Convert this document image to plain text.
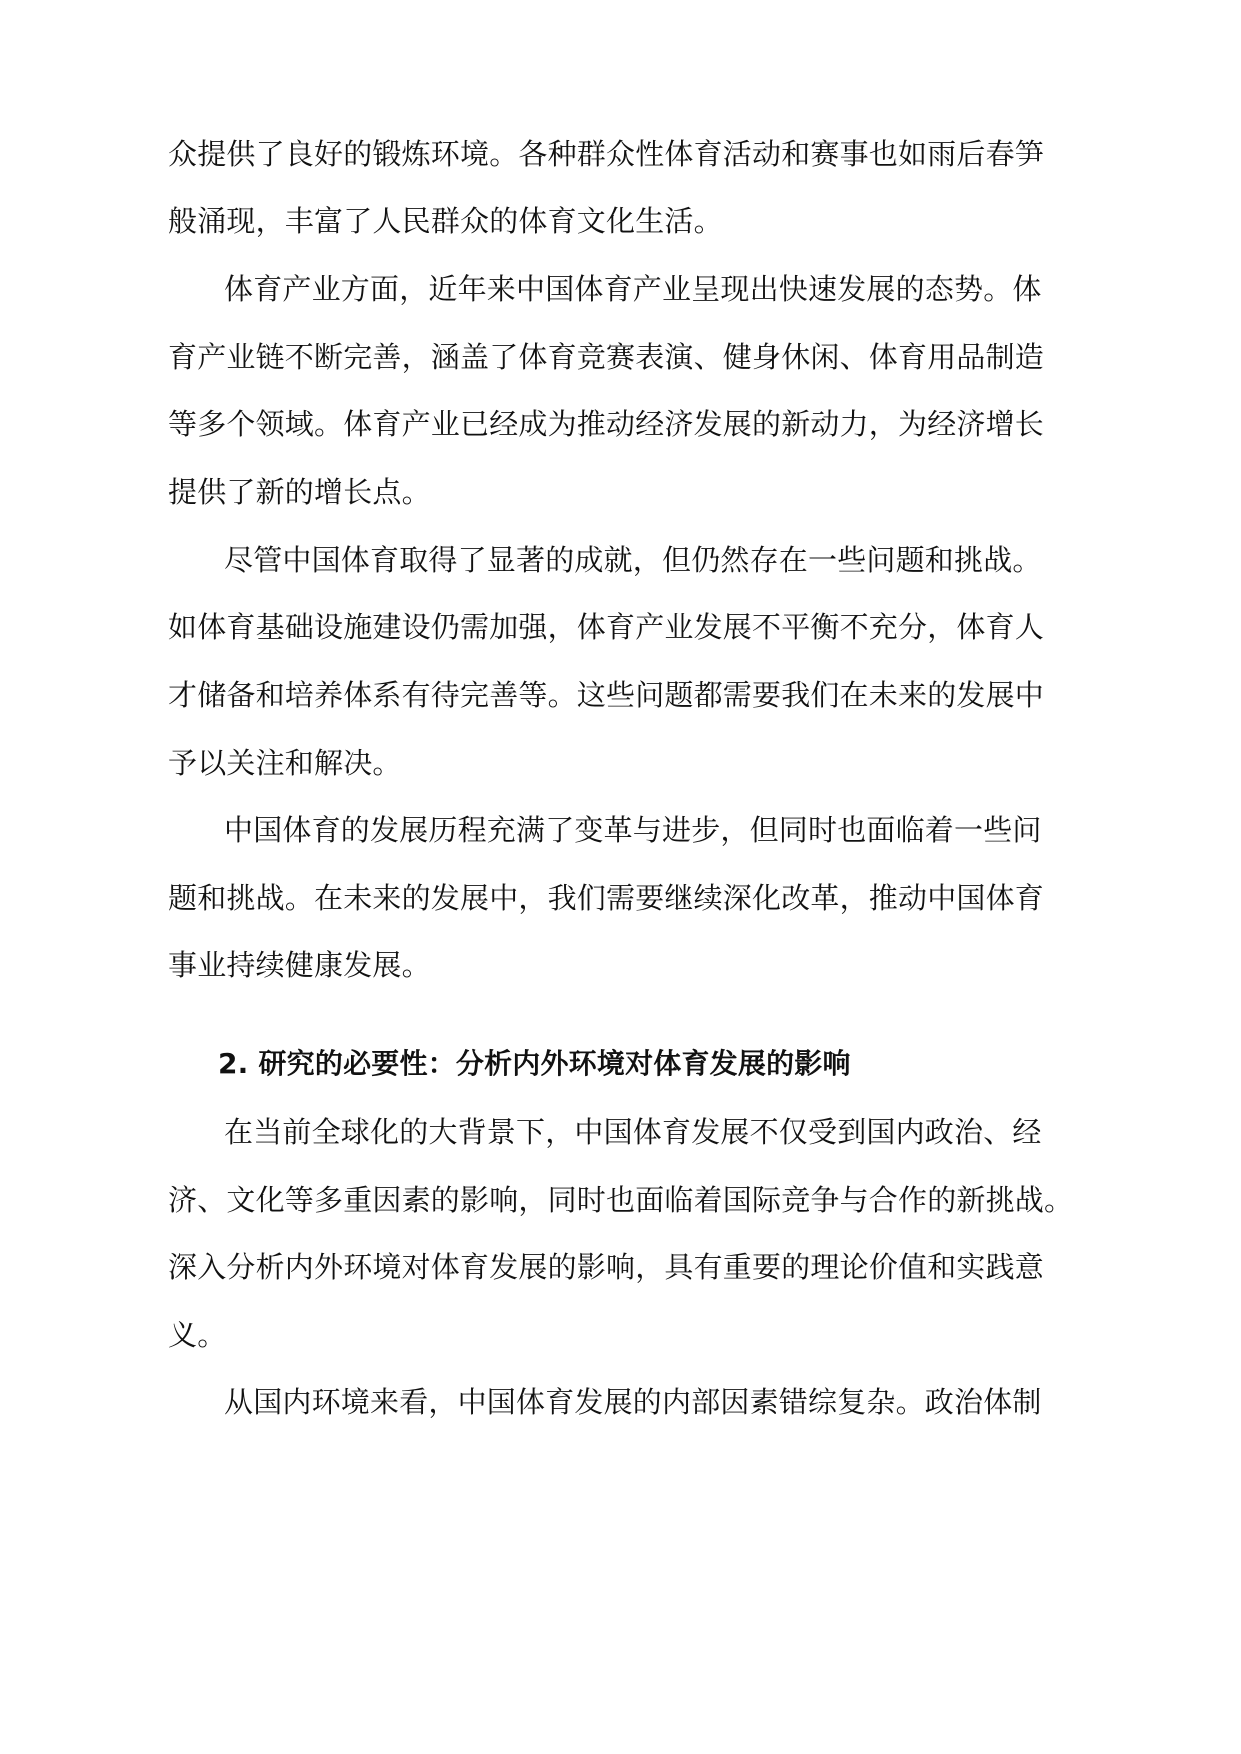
众提供了良好的锻炼环境。各种群众性体育活动和赛事也如雨后春笋
般涌现，丰富了人民群众的体育文化生活。
体育产业方面，近年来中国体育产业呈现出快速发展的态势。体
育产业链不断完善，涵盖了体育竞赛表演、健身休闲、体育用品制造
等多个领域。体育产业已经成为推动经济发展的新动力，为经济增长
提供了新的增长点。
尽管中国体育取得了显著的成就，但仍然存在一些问题和挑战。
如体育基础设施建设仍需加强，体育产业发展不平衡不充分，体育人
才储备和培养体系有待完善等。这些问题都需要我们在未来的发展中
予以关注和解决。
中国体育的发展历程充满了变革与进步，但同时也面临着一些问
题和挑战。在未来的发展中，我们需要继续深化改革，推动中国体育
事业持续健康发展。
2. 研究的必要性：分析内外环境对体育发展的影响
在当前全球化的大背景下，中国体育发展不仅受到国内政治、经
济、文化等多重因素的影响，同时也面临着国际竞争与合作的新挑战。
深入分析内外环境对体育发展的影响，具有重要的理论价值和实践意
义。
从国内环境来看，中国体育发展的内部因素错综复杂。政治体制
